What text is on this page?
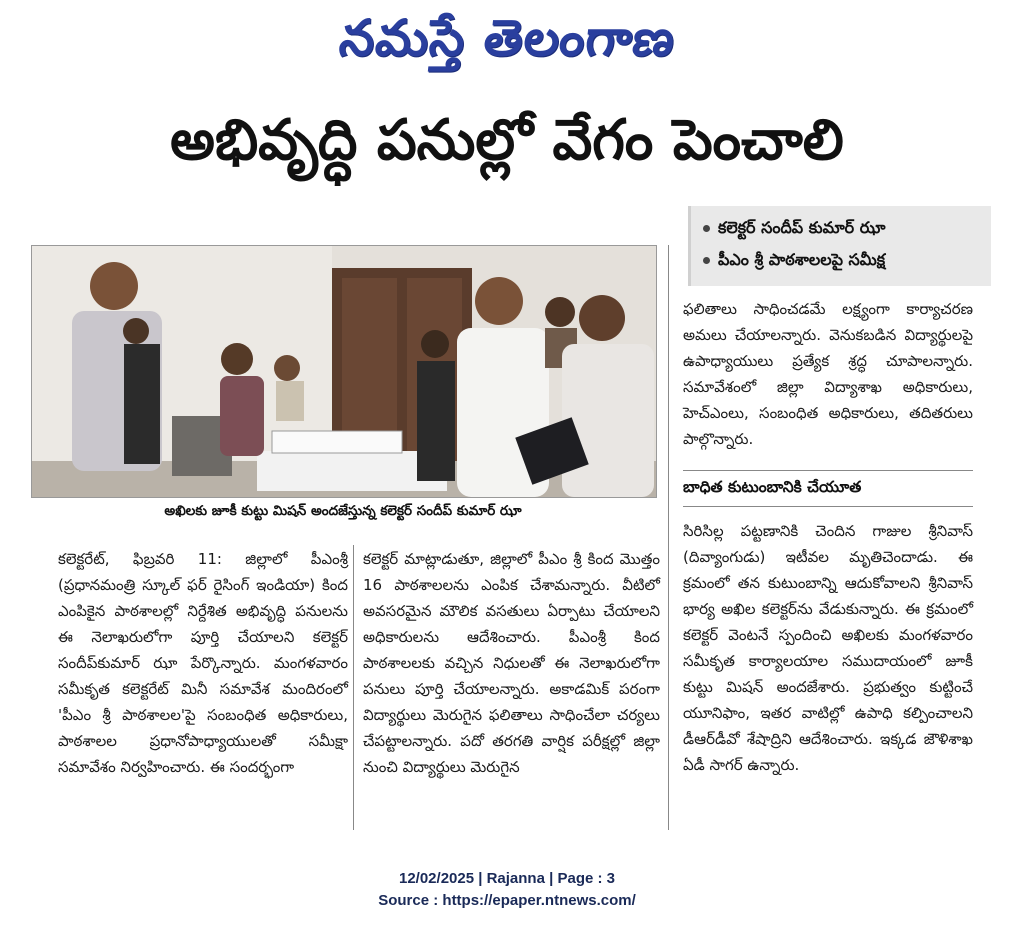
నమస్తే తెలంగాణ
అభివృద్ధి పనుల్లో వేగం పెంచాలి
కలెక్టర్ సందీప్ కుమార్ ఝా
పీఎం శ్రీ పాఠశాలలపై సమీక్ష
అఖిలకు జూకీ కుట్టు మిషన్ అందజేస్తున్న కలెక్టర్ సందీప్ కుమార్ ఝా

కలెక్టరేట్, ఫిబ్రవరి 11: జిల్లాలో పీఎంశ్రీ (ప్రధానమంత్రి స్కూల్ ఫర్ రైసింగ్ ఇండియా) కింద ఎంపికైన పాఠశాలల్లో నిర్దేశిత అభివృద్ధి పనులను ఈ నెలాఖరులోగా పూర్తి చేయాలని కలెక్టర్ సందీప్‌కుమార్ ఝా పేర్కొన్నారు. మంగళవారం సమీకృత కలెక్టరేట్ మినీ సమావేశ మందిరంలో 'పీఎం శ్రీ పాఠశాలల'పై సంబంధిత అధికారులు, పాఠశాలల ప్రధానోపాధ్యాయులతో సమీక్షా సమావేశం నిర్వహించారు. ఈ సందర్భంగా

కలెక్టర్ మాట్లాడుతూ, జిల్లాలో పీఎం శ్రీ కింద మొత్తం 16 పాఠశాలలను ఎంపిక చేశామన్నారు. వీటిలో అవసరమైన మౌలిక వసతులు ఏర్పాటు చేయాలని అధికారులను ఆదేశించారు. పీఎంశ్రీ కింద పాఠశాలలకు వచ్చిన నిధులతో ఈ నెలాఖరులోగా పనులు పూర్తి చేయాలన్నారు. అకాడమిక్ పరంగా విద్యార్థులు మెరుగైన ఫలితాలు సాధించేలా చర్యలు చేపట్టాలన్నారు. పదో తరగతి వార్షిక పరీక్షల్లో జిల్లా నుంచి విద్యార్థులు మెరుగైన

ఫలితాలు సాధించడమే లక్ష్యంగా కార్యాచరణ అమలు చేయాలన్నారు. వెనుకబడిన విద్యార్థులపై ఉపాధ్యాయులు ప్రత్యేక శ్రద్ధ చూపాలన్నారు. సమావేశంలో జిల్లా విద్యాశాఖ అధికారులు, హెచ్‌ఎంలు, సంబంధిత అధికారులు, తదితరులు పాల్గొన్నారు.

బాధిత కుటుంబానికి చేయూత

సిరిసిల్ల పట్టణానికి చెందిన గాజుల శ్రీనివాస్ (దివ్యాంగుడు) ఇటీవల మృతిచెందాడు. ఈ క్రమంలో తన కుటుంబాన్ని ఆదుకోవాలని శ్రీనివాస్ భార్య అఖిల కలెక్టర్‌ను వేడుకున్నారు. ఈ క్రమంలో కలెక్టర్ వెంటనే స్పందించి అఖిలకు మంగళవారం సమీకృత కార్యాలయాల సముదాయంలో జూకీ కుట్టు మిషన్ అందజేశారు. ప్రభుత్వం కుట్టించే యూనిఫాం, ఇతర వాటిల్లో ఉపాధి కల్పించాలని డీఆర్‌డీవో శేషాద్రిని ఆదేశించారు. ఇక్కడ జౌళిశాఖ ఏడీ సాగర్ ఉన్నారు.

12/02/2025 | Rajanna | Page : 3
Source : https://epaper.ntnews.com/
